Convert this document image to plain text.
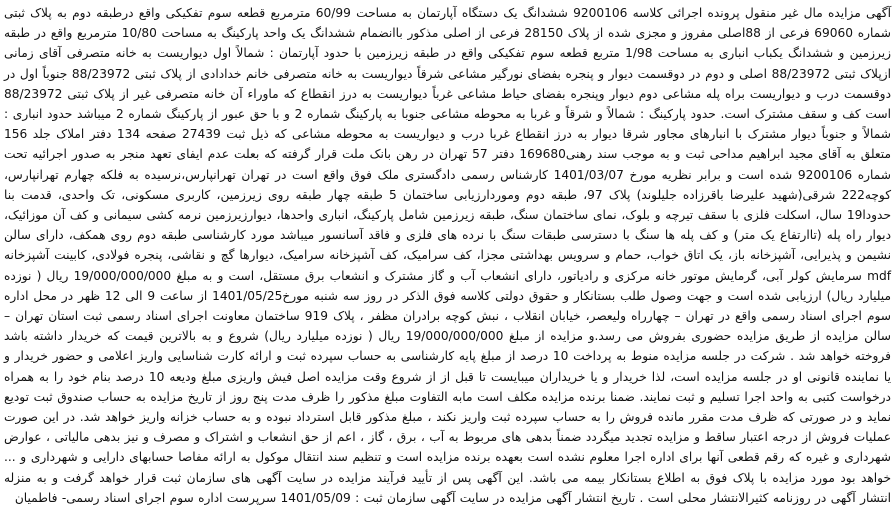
آگهی مزایده مال غیر منقول پرونده اجرائی کلاسه 9200106 ششدانگ یک دستگاه آپارتمان به مساحت 60/99 مترمربع قطعه سوم تفکیکی واقع درطبقه دوم به پلاک ثبتی شماره 69060 فرعی از 88اصلی مفروز و مجزی شده از پلاک 28150 فرعی از اصلی مذکور باانضمام ششدانگ یک واحد پارکینگ به مساحت 10/80 مترمربع واقع در طبقه زیرزمین و ششدانگ یکباب انباری به مساحت 1/98 متربع قطعه سوم تفکیکی واقع در طبقه زیرزمین با حدود آپارتمان : شمالاً اول دیواریست به خانه متصرفی آقای زمانی ازپلاک ثبتی 88/23972 اصلی و دوم در دوقسمت دیوار و پنجره بفضای نورگیر مشاعی شرقاً دیواریست به خانه متصرفی خانم خدادادی از پلاک ثبتی 88/23972 جنوباً اول در دوقسمت درب و دیواریست براه پله مشاعی دوم دیوار وپنجره بفضای حیاط مشاعی غرباً دیواریست به درز انقطاع که ماوراء آن خانه متصرفی غیر از پلاک ثبتی 88/23972 است کف و سقف مشترک است. حدود پارکینگ : شمالاً و شرقاً و غربا به محوطه مشاعی جنوبا به پارکینگ شماره 2 و با حق عبور از پارکینگ شماره 2 میباشد حدود انباری : شمالاً و جنوباً دیوار مشترک با انبارهای مجاور شرقا دیوار به درز انقطاع غربا درب و دیواریست به محوطه مشاعی که ذیل ثبت 27439 صفحه 134 دفتر املاک جلد 156 متعلق به آقای مجید ابراهیم مداحی ثبت و به موجب سند رهنی169680 دفتر 57 تهران در رهن بانک ملت قرار گرفته که بعلت عدم ایفای تعهد منجر به صدور اجرائیه تحت شماره 9200106 شده است و برابر نظریه مورخ 1401/03/07 کارشناس رسمی دادگستری ملک فوق واقع است در تهران تهرانپارس،نرسیده به فلکه چهارم تهرانپارس، کوچه222 شرقی(شهید علیرضا باقرزاده جلیلوند) پلاک 97، طبقه دوم وموردارزیابی ساختمان 5 طبقه چهار طبقه روی زیرزمین، کاربری مسکونی، تک واحدی، قدمت بنا حدودا19 سال، اسکلت فلزی با سقف تیرچه و بلوک، نمای ساختمان سنگ، طبقه زیرزمین شامل پارکینگ، انباری واحدها، دیوارزیرزمین نرمه کشی سیمانی و کف آن موزائیک، دیوار راه پله (تاارتفاع یک متر) و کف پله ها سنگ با دسترسی طبقات سنگ با نرده های فلزی و فاقد آسانسور میباشد مورد کارشناسی طبقه دوم روی همکف، دارای سالن نشیمن و پذیرایی، آشپزخانه باز، یک اتاق خواب، حمام و سرویس بهداشتی مجزا، کف سرامیک، کف آشپزخانه سرامیک، دیوارها گچ و نقاشی، پنجره فولادی، کابینت آشپزخانه mdf سرمایش کولر آبی، گرمایش موتور خانه مرکزی و رادیاتور، دارای انشعاب آب و گاز مشترک و انشعاب برق مستقل، است و به مبلغ 19/000/000/000 ریال ( نوزده میلیارد ریال) ارزیابی شده است و جهت وصول طلب بستانکار و حقوق دولتی کلاسه فوق الذکر در روز سه شنبه مورخ1401/05/25 از ساعت 9 الی 12 ظهر در محل اداره سوم اجرای اسناد رسمی واقع در تهران – چهارراه ولیعصر، خیابان انقلاب ، نبش کوچه برادران مظفر ، پلاک 919 ساختمان معاونت اجرای اسناد رسمی ثبت استان تهران – سالن مزایده از طریق مزایده حضوری بفروش می رسد.و مزایده از مبلغ 19/000/000/000 ریال ( نوزده میلیارد ریال) شروع و به بالاترین قیمت که خریدار داشته باشد فروخته خواهد شد . شرکت در جلسه مزایده منوط به پرداخت 10 درصد از مبلغ پایه کارشناسی به حساب سپرده ثبت و ارائه کارت شناسایی واریز اعلامی و حضور خریدار و یا نماینده قانونی او در جلسه مزایده است، لذا خریدار و یا خریداران میبایست تا قبل از از شروع وقت مزایده اصل فیش واریزی مبلغ ودیعه 10 درصد بنام خود را به همراه درخواست کتبی به واحد اجرا تسلیم و ثبت نمایند. ضمنا برنده مزایده مکلف است مابه التفاوت مبلغ مذکور را ظرف مدت پنج روز از تاریخ مزایده به حساب صندوق ثبت تودیع نماید و در صورتی که ظرف مدت مقرر مانده فروش را به حساب سپرده ثبت واریز نکند ، مبلغ مذکور قابل استرداد نبوده و به حساب خزانه واریز خواهد شد. در این صورت عملیات فروش از درجه اعتبار ساقط و مزایده تجدید میگردد ضمناً بدهی های مربوط به آب ، برق ، گاز ، اعم از حق انشعاب و اشتراک و مصرف و نیز بدهی مالیاتی ، عوارض شهرداری و غیره که رقم قطعی آنها برای اداره اجرا معلوم نشده است بعهده برنده مزایده است و تنظیم سند انتقال موکول به ارائه مفاصا حسابهای دارایی و شهرداری و ... خواهد بود مورد مزایده با پلاک فوق به اطلاع بستانکار بیمه می باشد. این آگهی پس از تأیید فرآیند مزایده در سایت آگهی های سازمان ثبت قرار خواهد گرفت و به منزله انتشار آگهی در روزنامه کثیرالانتشار محلی است . تاریخ انتشار آگهی مزایده در سایت آگهی سازمان ثبت : 1401/05/09 سرپرست اداره سوم اجرای اسناد رسمی- فاطمیان
